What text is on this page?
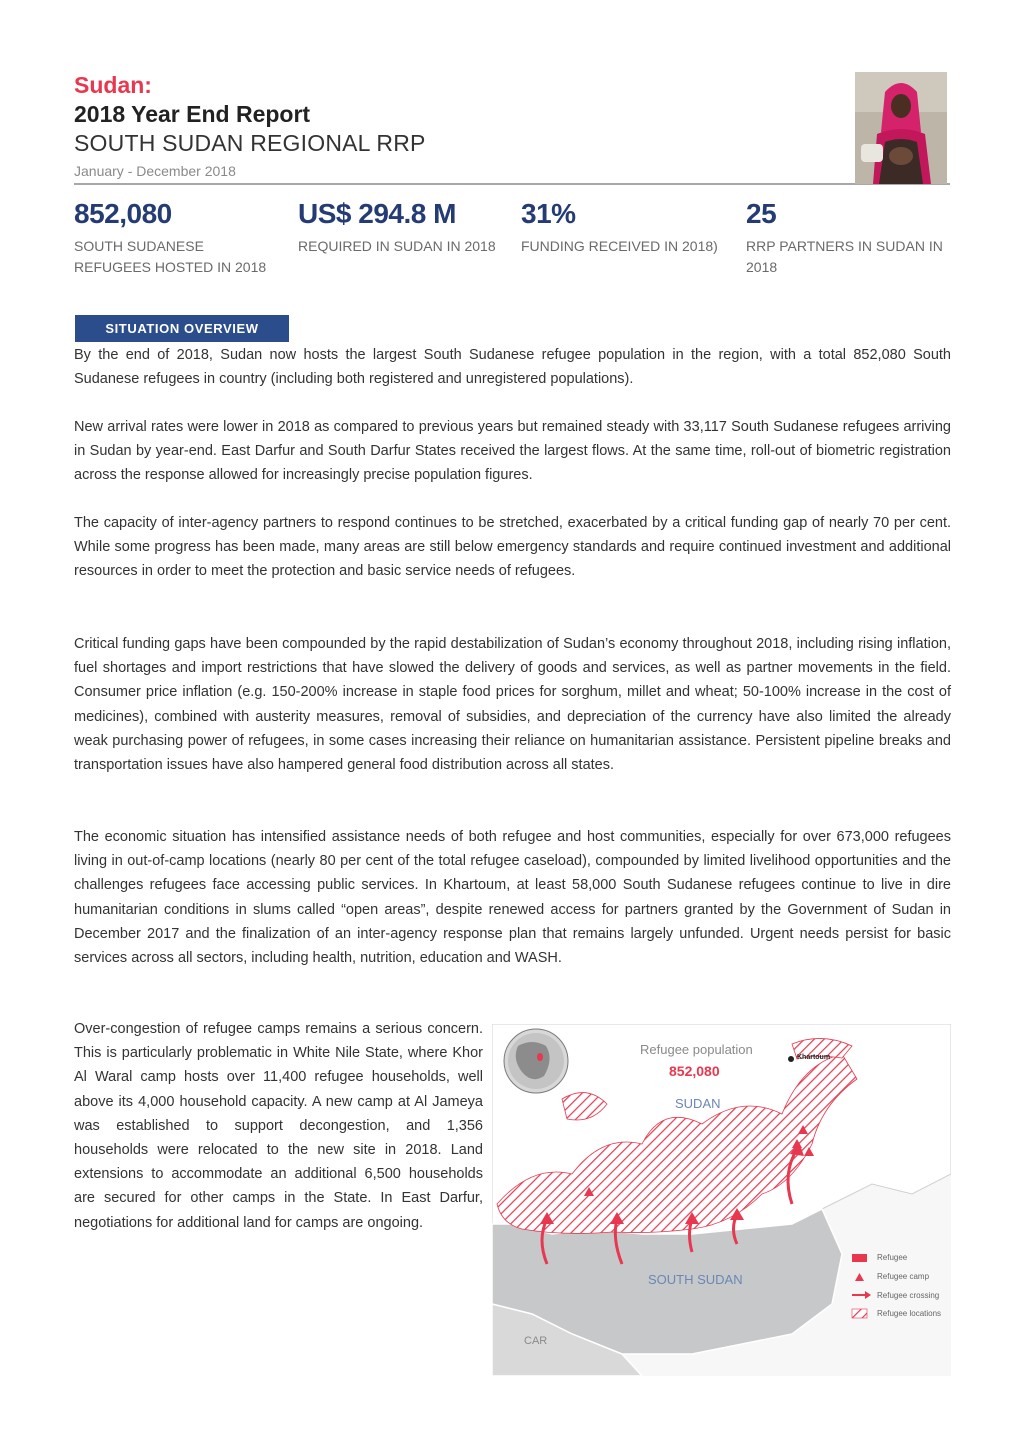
Sudan:
2018 Year End Report
SOUTH SUDAN REGIONAL RRP
January - December 2018
852,080
SOUTH SUDANESE REFUGEES HOSTED IN 2018
US$ 294.8 M
REQUIRED IN SUDAN IN 2018
31%
FUNDING RECEIVED IN 2018)
25
RRP PARTNERS IN SUDAN IN 2018
SITUATION OVERVIEW

By the end of 2018, Sudan now hosts the largest South Sudanese refugee population in the region, with a total 852,080 South Sudanese refugees in country (including both registered and unregistered populations).

New arrival rates were lower in 2018 as compared to previous years but remained steady with 33,117 South Sudanese refugees arriving in Sudan by year-end. East Darfur and South Darfur States received the largest flows. At the same time, roll-out of biometric registration across the response allowed for increasingly precise population figures.

The capacity of inter-agency partners to respond continues to be stretched, exacerbated by a critical funding gap of nearly 70 per cent. While some progress has been made, many areas are still below emergency standards and require continued investment and additional resources in order to meet the protection and basic service needs of refugees.

Critical funding gaps have been compounded by the rapid destabilization of Sudan’s economy throughout 2018, including rising inflation, fuel shortages and import restrictions that have slowed the delivery of goods and services, as well as partner movements in the field. Consumer price inflation (e.g. 150-200% increase in staple food prices for sorghum, millet and wheat; 50-100% increase in the cost of medicines), combined with austerity measures, removal of subsidies, and depreciation of the currency have also limited the already weak purchasing power of refugees, in some cases increasing their reliance on humanitarian assistance. Persistent pipeline breaks and transportation issues have also hampered general food distribution across all states.

The economic situation has intensified assistance needs of both refugee and host communities, especially for over 673,000 refugees living in out-of-camp locations (nearly 80 per cent of the total refugee caseload), compounded by limited livelihood opportunities and the challenges refugees face accessing public services. In Khartoum, at least 58,000 South Sudanese refugees continue to live in dire humanitarian conditions in slums called “open areas”, despite renewed access for partners granted by the Government of Sudan in December 2017 and the finalization of an inter-agency response plan that remains largely unfunded. Urgent needs persist for basic services across all sectors, including health, nutrition, education and WASH.

Over-congestion of refugee camps remains a serious concern. This is particularly problematic in White Nile State, where Khor Al Waral camp hosts over 11,400 refugee households, well above its 4,000 household capacity. A new camp at Al Jameya was established to support decongestion, and 1,356 households were relocated to the new site in 2018. Land extensions to accommodate an additional 6,500 households are secured for other camps in the State. In East Darfur, negotiations for additional land for camps are ongoing.

Refugee population
852,080
Khartoum
SUDAN
SOUTH SUDAN
CAR
Refugee
Refugee camp
Refugee crossing
Refugee locations
